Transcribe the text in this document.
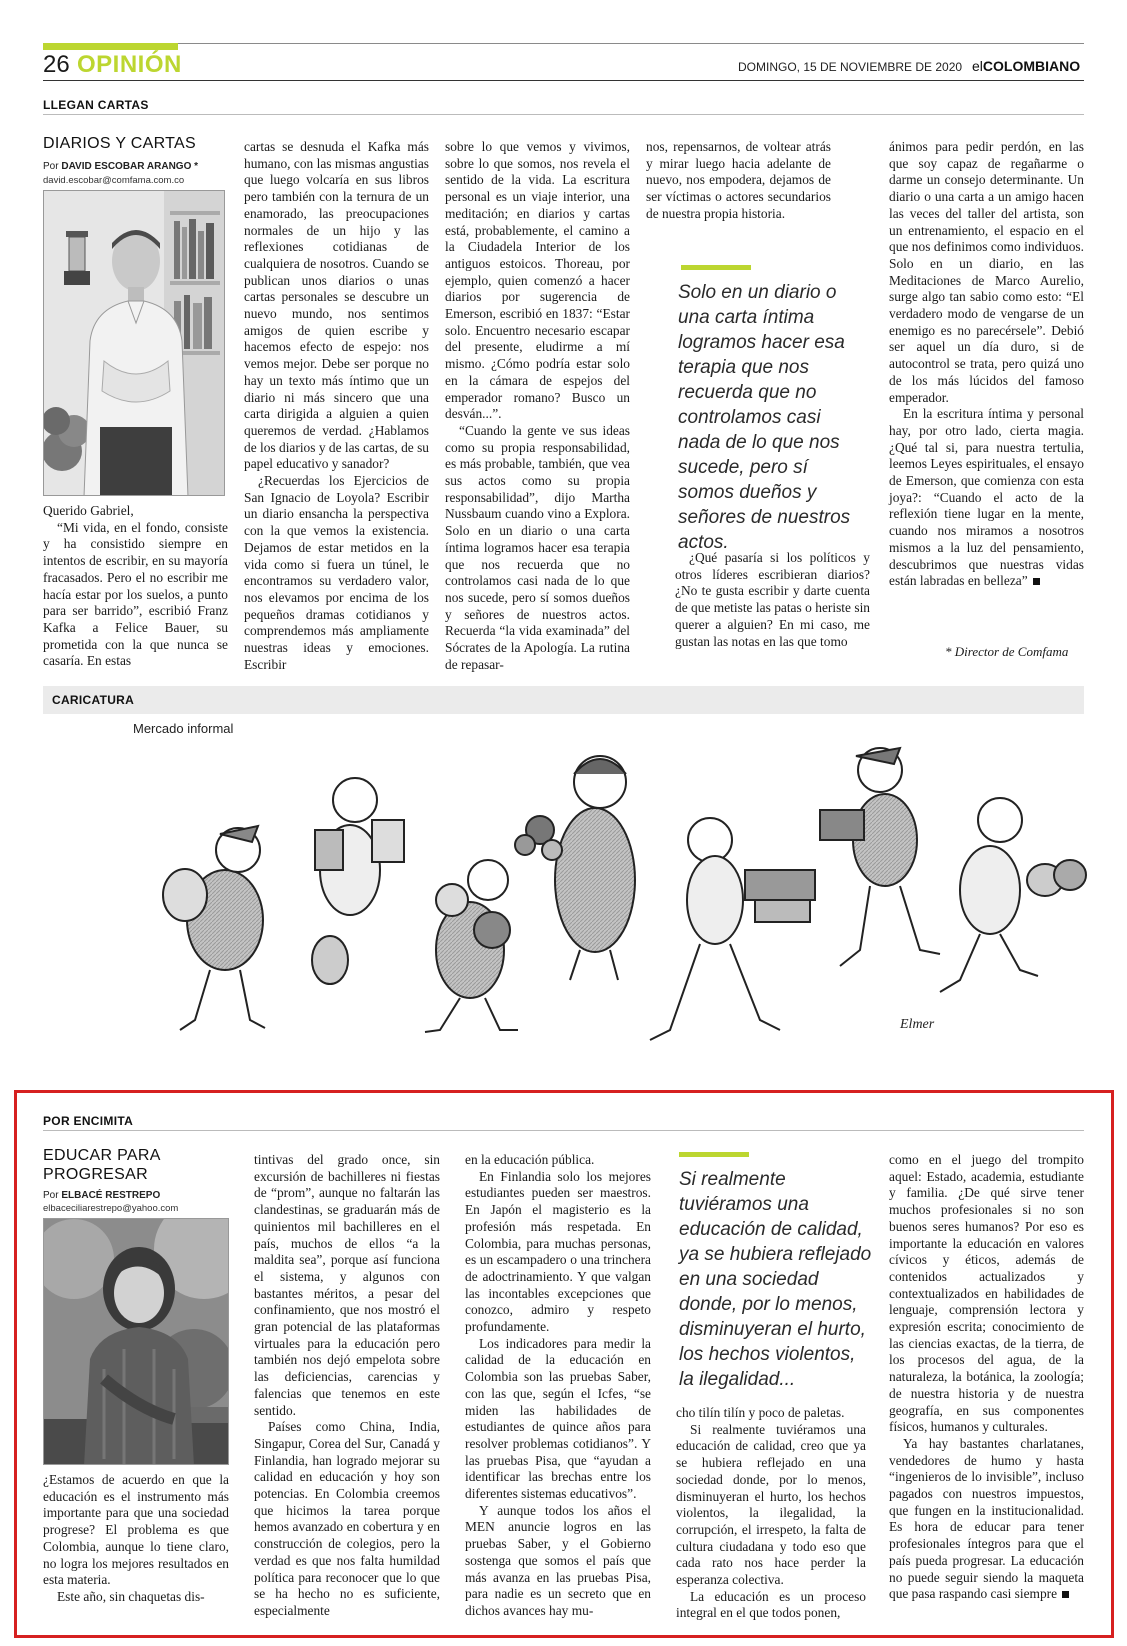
26 OPINIÓN	DOMINGO, 15 DE NOVIEMBRE DE 2020 elCOLOMBIANO
LLEGAN CARTAS
DIARIOS Y CARTAS
Por DAVID ESCOBAR ARANGO *
david.escobar@comfama.com.co

Querido Gabriel,

“Mi vida, en el fondo, consiste y ha consistido siempre en intentos de escribir, en su mayoría fracasados. Pero el no escribir me hacía estar por los suelos, a punto para ser barrido”, escribió Franz Kafka a Felice Bauer, su prometida con la que nunca se casaría. En estas

cartas se desnuda el Kafka más humano, con las mismas angustias que luego volcaría en sus libros pero también con la ternura de un enamorado, las preocupaciones normales de un hijo y las reflexiones cotidianas de cualquiera de nosotros. Cuando se publican unos diarios o unas cartas personales se descubre un nuevo mundo, nos sentimos amigos de quien escribe y hacemos efecto de espejo: nos vemos mejor. Debe ser porque no hay un texto más íntimo que un diario ni más sincero que una carta dirigida a alguien a quien queremos de verdad. ¿Hablamos de los diarios y de las cartas, de su papel educativo y sanador?

¿Recuerdas los Ejercicios de San Ignacio de Loyola? Escribir un diario ensancha la perspectiva con la que vemos la existencia. Dejamos de estar metidos en la vida como si fuera un túnel, le encontramos su verdadero valor, nos elevamos por encima de los pequeños dramas cotidianos y comprendemos más ampliamente nuestras ideas y emociones. Escribir

sobre lo que vemos y vivimos, sobre lo que somos, nos revela el sentido de la vida. La escritura personal es un viaje interior, una meditación; en diarios y cartas está, probablemente, el camino a la Ciudadela Interior de los antiguos estoicos. Thoreau, por ejemplo, quien comenzó a hacer diarios por sugerencia de Emerson, escribió en 1837: “Estar solo. Encuentro necesario escapar del presente, eludirme a mí mismo. ¿Cómo podría estar solo en la cámara de espejos del emperador romano? Busco un desván...”.

“Cuando la gente ve sus ideas como su propia responsabilidad, es más probable, también, que vea sus actos como su propia responsabilidad”, dijo Martha Nussbaum cuando vino a Explora. Solo en un diario o una carta íntima logramos hacer esa terapia que nos recuerda que no controlamos casi nada de lo que nos sucede, pero sí somos dueños y señores de nuestros actos. Recuerda “la vida examinada” del Sócrates de la Apología. La rutina de repasar-

nos, repensarnos, de voltear atrás y mirar luego hacia adelante de nuevo, nos empodera, dejamos de ser víctimas o actores secundarios de nuestra propia historia.

Solo en un diario o una carta íntima logramos hacer esa terapia que nos recuerda que no controlamos casi nada de lo que nos sucede, pero sí somos dueños y señores de nuestros actos.

¿Qué pasaría si los políticos y otros líderes escribieran diarios? ¿No te gusta escribir y darte cuenta de que metiste las patas o heriste sin querer a alguien? En mi caso, me gustan las notas en las que tomo

ánimos para pedir perdón, en las que soy capaz de regañarme o darme un consejo determinante. Un diario o una carta a un amigo hacen las veces del taller del artista, son un entrenamiento, el espacio en el que nos definimos como individuos. Solo en un diario, en las Meditaciones de Marco Aurelio, surge algo tan sabio como esto: “El verdadero modo de vengarse de un enemigo es no parecérsele”. Debió ser aquel un día duro, si de autocontrol se trata, pero quizá uno de los más lúcidos del famoso emperador.

En la escritura íntima y personal hay, por otro lado, cierta magia. ¿Qué tal si, para nuestra tertulia, leemos Leyes espirituales, el ensayo de Emerson, que comienza con esta joya?: “Cuando el acto de la reflexión tiene lugar en la mente, cuando nos miramos a nosotros mismos a la luz del pensamiento, descubrimos que nuestras vidas están labradas en belleza”

* Director de Comfama
CARICATURA
Mercado informal
Elmer
POR ENCIMITA
EDUCAR PARA
PROGRESAR
Por ELBACÉ RESTREPO
elbaceciliarestrepo@yahoo.com

¿Estamos de acuerdo en que la educación es el instrumento más importante para que una sociedad progrese? El problema es que Colombia, aunque lo tiene claro, no logra los mejores resultados en esta materia.

Este año, sin chaquetas dis-

tintivas del grado once, sin excursión de bachilleres ni fiestas de “prom”, aunque no faltarán las clandestinas, se graduarán más de quinientos mil bachilleres en el país, muchos de ellos “a la maldita sea”, porque así funciona el sistema, y algunos con bastantes méritos, a pesar del confinamiento, que nos mostró el gran potencial de las plataformas virtuales para la educación pero también nos dejó empelota sobre las deficiencias, carencias y falencias que tenemos en este sentido.

Países como China, India, Singapur, Corea del Sur, Canadá y Finlandia, han logrado mejorar su calidad en educación y hoy son potencias. En Colombia creemos que hicimos la tarea porque hemos avanzado en cobertura y en construcción de colegios, pero la verdad es que nos falta humildad política para reconocer que lo que se ha hecho no es suficiente, especialmente

en la educación pública.

En Finlandia solo los mejores estudiantes pueden ser maestros. En Japón el magisterio es la profesión más respetada. En Colombia, para muchas personas, es un escampadero o una trinchera de adoctrinamiento. Y que valgan las incontables excepciones que conozco, admiro y respeto profundamente.

Los indicadores para medir la calidad de la educación en Colombia son las pruebas Saber, con las que, según el Icfes, “se miden las habilidades de estudiantes de quince años para resolver problemas cotidianos”. Y las pruebas Pisa, que “ayudan a identificar las brechas entre los diferentes sistemas educativos”.

Y aunque todos los años el MEN anuncie logros en las pruebas Saber, y el Gobierno sostenga que somos el país que más avanza en las pruebas Pisa, para nadie es un secreto que en dichos avances hay mu-

Si realmente tuviéramos una educación de calidad, ya se hubiera reflejado en una sociedad donde, por lo menos, disminuyeran el hurto, los hechos violentos, la ilegalidad...

cho tilín tilín y poco de paletas.

Si realmente tuviéramos una educación de calidad, creo que ya se hubiera reflejado en una sociedad donde, por lo menos, disminuyeran el hurto, los hechos violentos, la ilegalidad, la corrupción, el irrespeto, la falta de cultura ciudadana y todo eso que cada rato nos hace perder la esperanza colectiva.

La educación es un proceso integral en el que todos ponen,

como en el juego del trompito aquel: Estado, academia, estudiante y familia. ¿De qué sirve tener muchos profesionales si no son buenos seres humanos? Por eso es importante la educación en valores cívicos y éticos, además de contenidos actualizados y contextualizados en habilidades de lenguaje, comprensión lectora y expresión escrita; conocimiento de las ciencias exactas, de la tierra, de los procesos del agua, de la naturaleza, la botánica, la zoología; de nuestra historia y de nuestra geografía, en sus componentes físicos, humanos y culturales.

Ya hay bastantes charlatanes, vendedores de humo y hasta “ingenieros de lo invisible”, incluso pagados con nuestros impuestos, que fungen en la institucionalidad. Es hora de educar para tener profesionales íntegros para que el país pueda progresar. La educación no puede seguir siendo la maqueta que pasa raspando casi siempre
